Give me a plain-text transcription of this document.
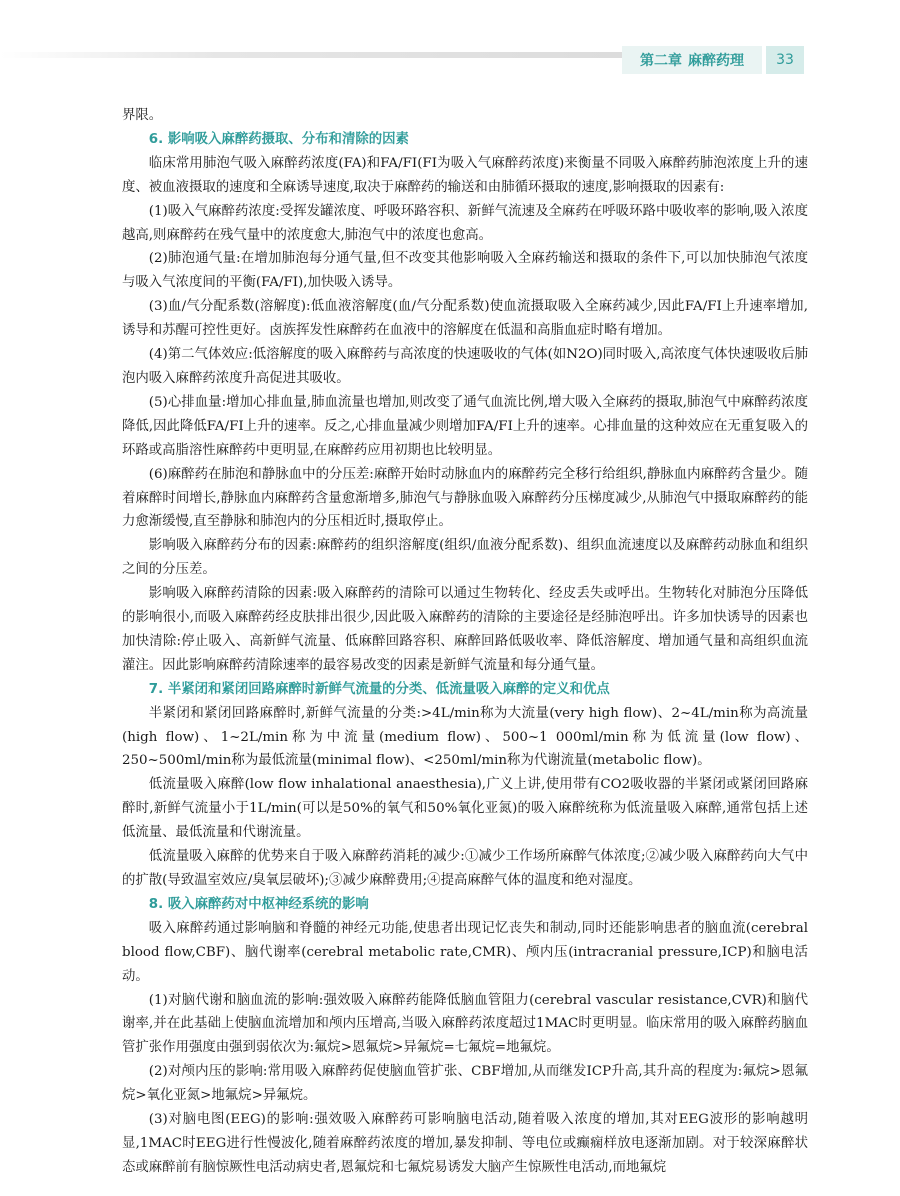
第二章 麻醉药理	33

界限。

6. 影响吸入麻醉药摄取、分布和清除的因素

临床常用肺泡气吸入麻醉药浓度(FA)和FA/FI(FI为吸入气麻醉药浓度)来衡量不同吸入麻醉药肺泡浓度上升的速度、被血液摄取的速度和全麻诱导速度,取决于麻醉药的输送和由肺循环摄取的速度,影响摄取的因素有:

(1)吸入气麻醉药浓度:受挥发罐浓度、呼吸环路容积、新鲜气流速及全麻药在呼吸环路中吸收率的影响,吸入浓度越高,则麻醉药在残气量中的浓度愈大,肺泡气中的浓度也愈高。

(2)肺泡通气量:在增加肺泡每分通气量,但不改变其他影响吸入全麻药输送和摄取的条件下,可以加快肺泡气浓度与吸入气浓度间的平衡(FA/FI),加快吸入诱导。

(3)血/气分配系数(溶解度):低血液溶解度(血/气分配系数)使血流摄取吸入全麻药减少,因此FA/FI上升速率增加,诱导和苏醒可控性更好。卤族挥发性麻醉药在血液中的溶解度在低温和高脂血症时略有增加。

(4)第二气体效应:低溶解度的吸入麻醉药与高浓度的快速吸收的气体(如N2O)同时吸入,高浓度气体快速吸收后肺泡内吸入麻醉药浓度升高促进其吸收。

(5)心排血量:增加心排血量,肺血流量也增加,则改变了通气血流比例,增大吸入全麻药的摄取,肺泡气中麻醉药浓度降低,因此降低FA/FI上升的速率。反之,心排血量减少则增加FA/FI上升的速率。心排血量的这种效应在无重复吸入的环路或高脂溶性麻醉药中更明显,在麻醉药应用初期也比较明显。

(6)麻醉药在肺泡和静脉血中的分压差:麻醉开始时动脉血内的麻醉药完全移行给组织,静脉血内麻醉药含量少。随着麻醉时间增长,静脉血内麻醉药含量愈渐增多,肺泡气与静脉血吸入麻醉药分压梯度减少,从肺泡气中摄取麻醉药的能力愈渐缓慢,直至静脉和肺泡内的分压相近时,摄取停止。

影响吸入麻醉药分布的因素:麻醉药的组织溶解度(组织/血液分配系数)、组织血流速度以及麻醉药动脉血和组织之间的分压差。

影响吸入麻醉药清除的因素:吸入麻醉药的清除可以通过生物转化、经皮丢失或呼出。生物转化对肺泡分压降低的影响很小,而吸入麻醉药经皮肤排出很少,因此吸入麻醉药的清除的主要途径是经肺泡呼出。许多加快诱导的因素也加快清除:停止吸入、高新鲜气流量、低麻醉回路容积、麻醉回路低吸收率、降低溶解度、增加通气量和高组织血流灌注。因此影响麻醉药清除速率的最容易改变的因素是新鲜气流量和每分通气量。

7. 半紧闭和紧闭回路麻醉时新鲜气流量的分类、低流量吸入麻醉的定义和优点

半紧闭和紧闭回路麻醉时,新鲜气流量的分类:>4L/min称为大流量(very high flow)、2~4L/min称为高流量(high flow)、1~2L/min称为中流量(medium flow)、500~1 000ml/min称为低流量(low flow)、250~500ml/min称为最低流量(minimal flow)、<250ml/min称为代谢流量(metabolic flow)。

低流量吸入麻醉(low flow inhalational anaesthesia),广义上讲,使用带有CO2吸收器的半紧闭或紧闭回路麻醉时,新鲜气流量小于1L/min(可以是50%的氧气和50%氧化亚氮)的吸入麻醉统称为低流量吸入麻醉,通常包括上述低流量、最低流量和代谢流量。

低流量吸入麻醉的优势来自于吸入麻醉药消耗的减少:①减少工作场所麻醉气体浓度;②减少吸入麻醉药向大气中的扩散(导致温室效应/臭氧层破坏);③减少麻醉费用;④提高麻醉气体的温度和绝对湿度。

8. 吸入麻醉药对中枢神经系统的影响

吸入麻醉药通过影响脑和脊髓的神经元功能,使患者出现记忆丧失和制动,同时还能影响患者的脑血流(cerebral blood flow,CBF)、脑代谢率(cerebral metabolic rate,CMR)、颅内压(intracranial pressure,ICP)和脑电活动。

(1)对脑代谢和脑血流的影响:强效吸入麻醉药能降低脑血管阻力(cerebral vascular resistance,CVR)和脑代谢率,并在此基础上使脑血流增加和颅内压增高,当吸入麻醉药浓度超过1MAC时更明显。临床常用的吸入麻醉药脑血管扩张作用强度由强到弱依次为:氟烷>恩氟烷>异氟烷=七氟烷=地氟烷。

(2)对颅内压的影响:常用吸入麻醉药促使脑血管扩张、CBF增加,从而继发ICP升高,其升高的程度为:氟烷>恩氟烷>氧化亚氮>地氟烷>异氟烷。

(3)对脑电图(EEG)的影响:强效吸入麻醉药可影响脑电活动,随着吸入浓度的增加,其对EEG波形的影响越明显,1MAC时EEG进行性慢波化,随着麻醉药浓度的增加,暴发抑制、等电位或癫痫样放电逐渐加剧。对于较深麻醉状态或麻醉前有脑惊厥性电活动病史者,恩氟烷和七氟烷易诱发大脑产生惊厥性电活动,而地氟烷
